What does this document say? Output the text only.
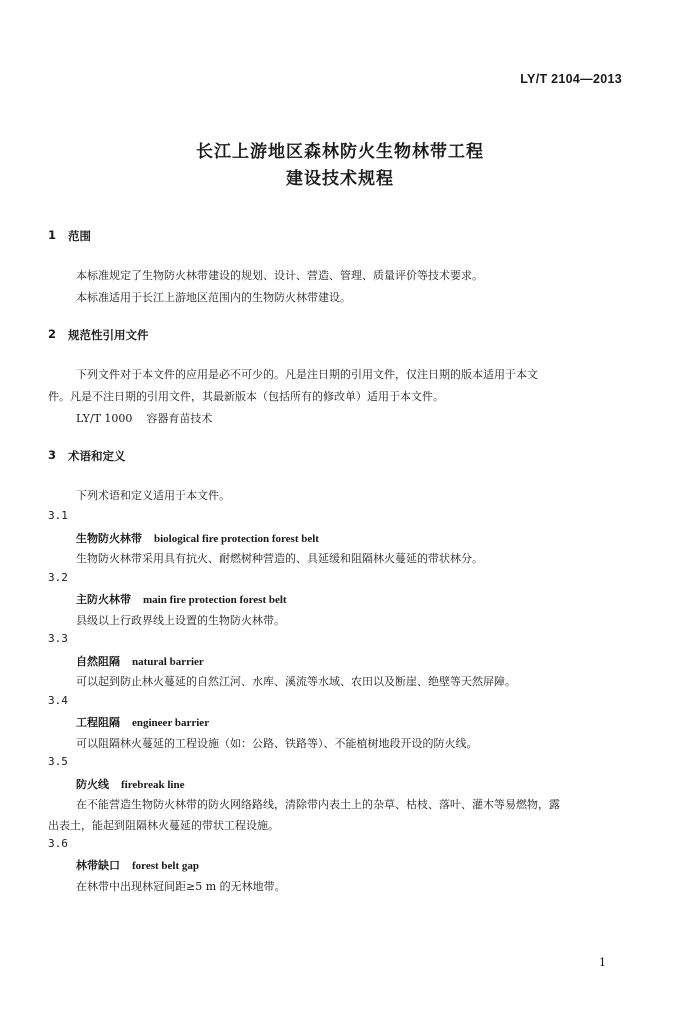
LY/T 2104—2013
长江上游地区森林防火生物林带工程
建设技术规程
1 范围
本标准规定了生物防火林带建设的规划、设计、营造、管理、质量评价等技术要求。
本标准适用于长江上游地区范围内的生物防火林带建设。
2 规范性引用文件
下列文件对于本文件的应用是必不可少的。凡是注日期的引用文件，仅注日期的版本适用于本文
件。凡是不注日期的引用文件，其最新版本（包括所有的修改单）适用于本文件。
LY/T 1000 容器育苗技术
3 术语和定义
下列术语和定义适用于本文件。
3.1
生物防火林带 biological fire protection forest belt
生物防火林带采用具有抗火、耐燃树种营造的、具延缓和阻隔林火蔓延的带状林分。
3.2
主防火林带 main fire protection forest belt
县级以上行政界线上设置的生物防火林带。
3.3
自然阻隔 natural barrier
可以起到防止林火蔓延的自然江河、水库、溪流等水域、农田以及断崖、绝壁等天然屏障。
3.4
工程阻隔 engineer barrier
可以阻隔林火蔓延的工程设施（如：公路、铁路等）、不能植树地段开设的防火线。
3.5
防火线 firebreak line
在不能营造生物防火林带的防火网络路线，清除带内表土上的杂草、枯枝、落叶、灌木等易燃物，露
出表土，能起到阻隔林火蔓延的带状工程设施。
3.6
林带缺口 forest belt gap
在林带中出现林冠间距≥5 m 的无林地带。
1
